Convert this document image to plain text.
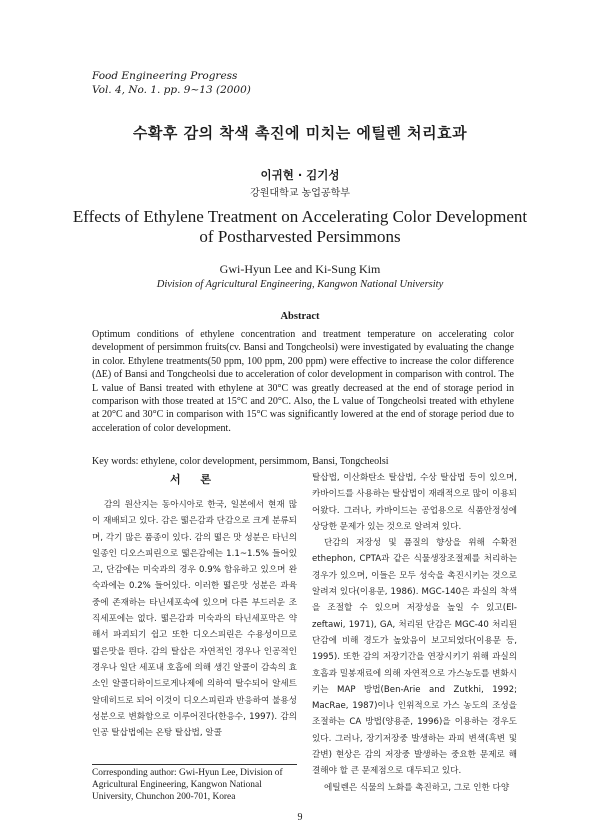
Food Engineering Progress
Vol. 4, No. 1. pp. 9~13 (2000)
수확후 감의 착색 촉진에 미치는 에틸렌 처리효과
이귀현 · 김기성
강원대학교 농업공학부
Effects of Ethylene Treatment on Accelerating Color Development
of Postharvested Persimmons
Gwi-Hyun Lee and Ki-Sung Kim
Division of Agricultural Engineering, Kangwon National University
Abstract
Optimum conditions of ethylene concentration and treatment temperature on accelerating color development of persimmon fruits(cv. Bansi and Tongcheolsi) were investigated by evaluating the change in color. Ethylene treatments(50 ppm, 100 ppm, 200 ppm) were effective to increase the color difference (ΔE) of Bansi and Tongcheolsi due to acceleration of color development in comparison with control. The L value of Bansi treated with ethylene at 30°C was greatly decreased at the end of storage period in comparison with those treated at 15°C and 20°C. Also, the L value of Tongcheolsi treated with ethylene at 20°C and 30°C in comparison with 15°C was significantly lowered at the end of storage period due to acceleration of color development.
Key words: ethylene, color development, persimmom, Bansi, Tongcheolsi
서 론

감의 원산지는 동아시아로 한국, 일본에서 현재 많이 재배되고 있다. 감은 떫은감과 단감으로 크게 분류되며, 각기 많은 품종이 있다. 감의 떫은 맛 성분은 타닌의 일종인 디오스피린으로 떫은감에는 1.1~1.5% 들어있고, 단감에는 미숙과의 경우 0.9% 함유하고 있으며 완숙과에는 0.2% 들어있다. 이러한 떫은맛 성분은 과육 중에 존재하는 타닌세포속에 있으며 다른 부드러운 조직세포에는 없다. 떫은감과 미숙과의 타닌세포막은 약해서 파괴되기 쉽고 또한 디오스피린은 수용성이므로 떫은맛을 띈다. 감의 탈삽은 자연적인 경우나 인공적인 경우나 일단 세포내 호흡에 의해 생긴 알콜이 감속의 효소인 알콜디하이드로게나제에 의하여 탈수되어 알세트알데히드로 되어 이것이 디오스피린과 반응하여 불용성 성분으로 변화함으로 이루어진다(한응수, 1997). 감의 인공 탈삽법에는 온탕 탈삽법, 알콜

Corresponding author: Gwi-Hyun Lee, Division of Agricultural Engineering, Kangwon National University, Chunchon 200-701, Korea

탈삽법, 이산화탄소 탈삽법, 수상 탈삽법 등이 있으며, 카바이드를 사용하는 탈삽법이 재래적으로 많이 이용되어왔다. 그러나, 카바이드는 공업용으로 식품안정성에 상당한 문제가 있는 것으로 알려져 있다.

단감의 저장성 및 품질의 향상을 위해 수확전 ethephon, CPTA과 같은 식물생장조절제를 처리하는 경우가 있으며, 이들은 모두 성숙을 촉진시키는 것으로 알려져 있다(이용문, 1986). MGC-140은 과실의 착색을 조절할 수 있으며 저장성을 높일 수 있고(El-zeftawi, 1971), GA, 처리된 단감은 MGC-40 처리된 단감에 비해 경도가 높았음이 보고되었다(이용문 등, 1995). 또한 감의 저장기간을 연장시키기 위해 과실의 호흡과 밀봉재료에 의해 자연적으로 가스농도를 변화시키는 MAP 방법(Ben-Arie and Zutkhi, 1992; MacRae, 1987)이나 인위적으로 가스 농도의 조성을 조절하는 CA 방법(양용준, 1996)을 이용하는 경우도 있다. 그러나, 장기저장중 발생하는 과피 변색(흑변 및 갈변) 현상은 감의 저장중 발생하는 중요한 문제로 해결해야 할 큰 문제점으로 대두되고 있다.

에틸렌은 식물의 노화를 촉진하고, 그로 인한 다양

9
